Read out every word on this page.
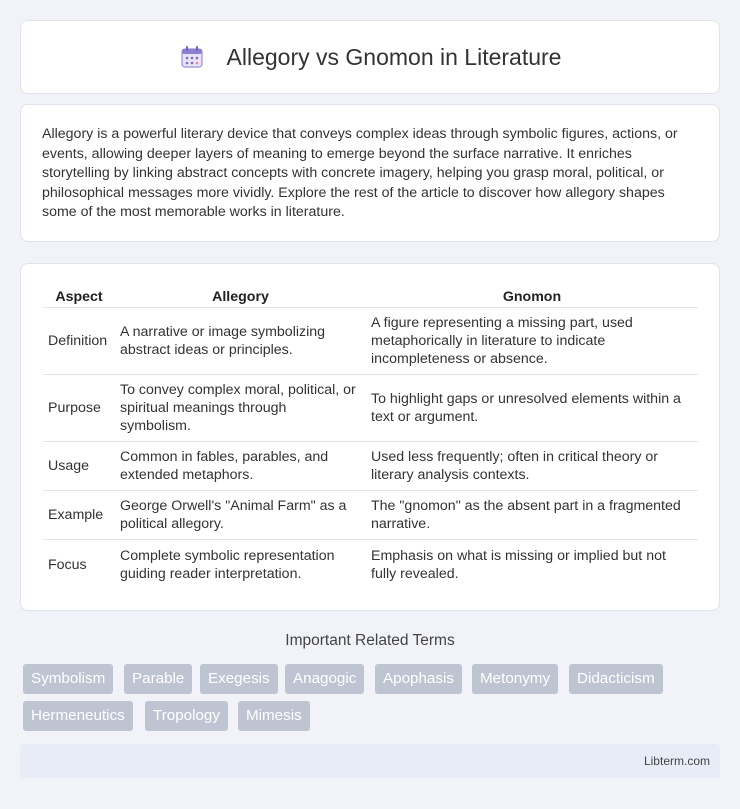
Allegory vs Gnomon in Literature

Allegory is a powerful literary device that conveys complex ideas through symbolic figures, actions, or events, allowing deeper layers of meaning to emerge beyond the surface narrative. It enriches storytelling by linking abstract concepts with concrete imagery, helping you grasp moral, political, or philosophical messages more vividly. Explore the rest of the article to discover how allegory shapes some of the most memorable works in literature.

Aspect	Allegory	Gnomon
Definition	A narrative or image symbolizing abstract ideas or principles.	A figure representing a missing part, used metaphorically in literature to indicate incompleteness or absence.
Purpose	To convey complex moral, political, or spiritual meanings through symbolism.	To highlight gaps or unresolved elements within a text or argument.
Usage	Common in fables, parables, and extended metaphors.	Used less frequently; often in critical theory or literary analysis contexts.
Example	George Orwell's "Animal Farm" as a political allegory.	The "gnomon" as the absent part in a fragmented narrative.
Focus	Complete symbolic representation guiding reader interpretation.	Emphasis on what is missing or implied but not fully revealed.
Important Related Terms
Symbolism	Parable	Exegesis	Anagogic	Apophasis	Metonymy	Didacticism
Hermeneutics	Tropology	Mimesis
Libterm.com
